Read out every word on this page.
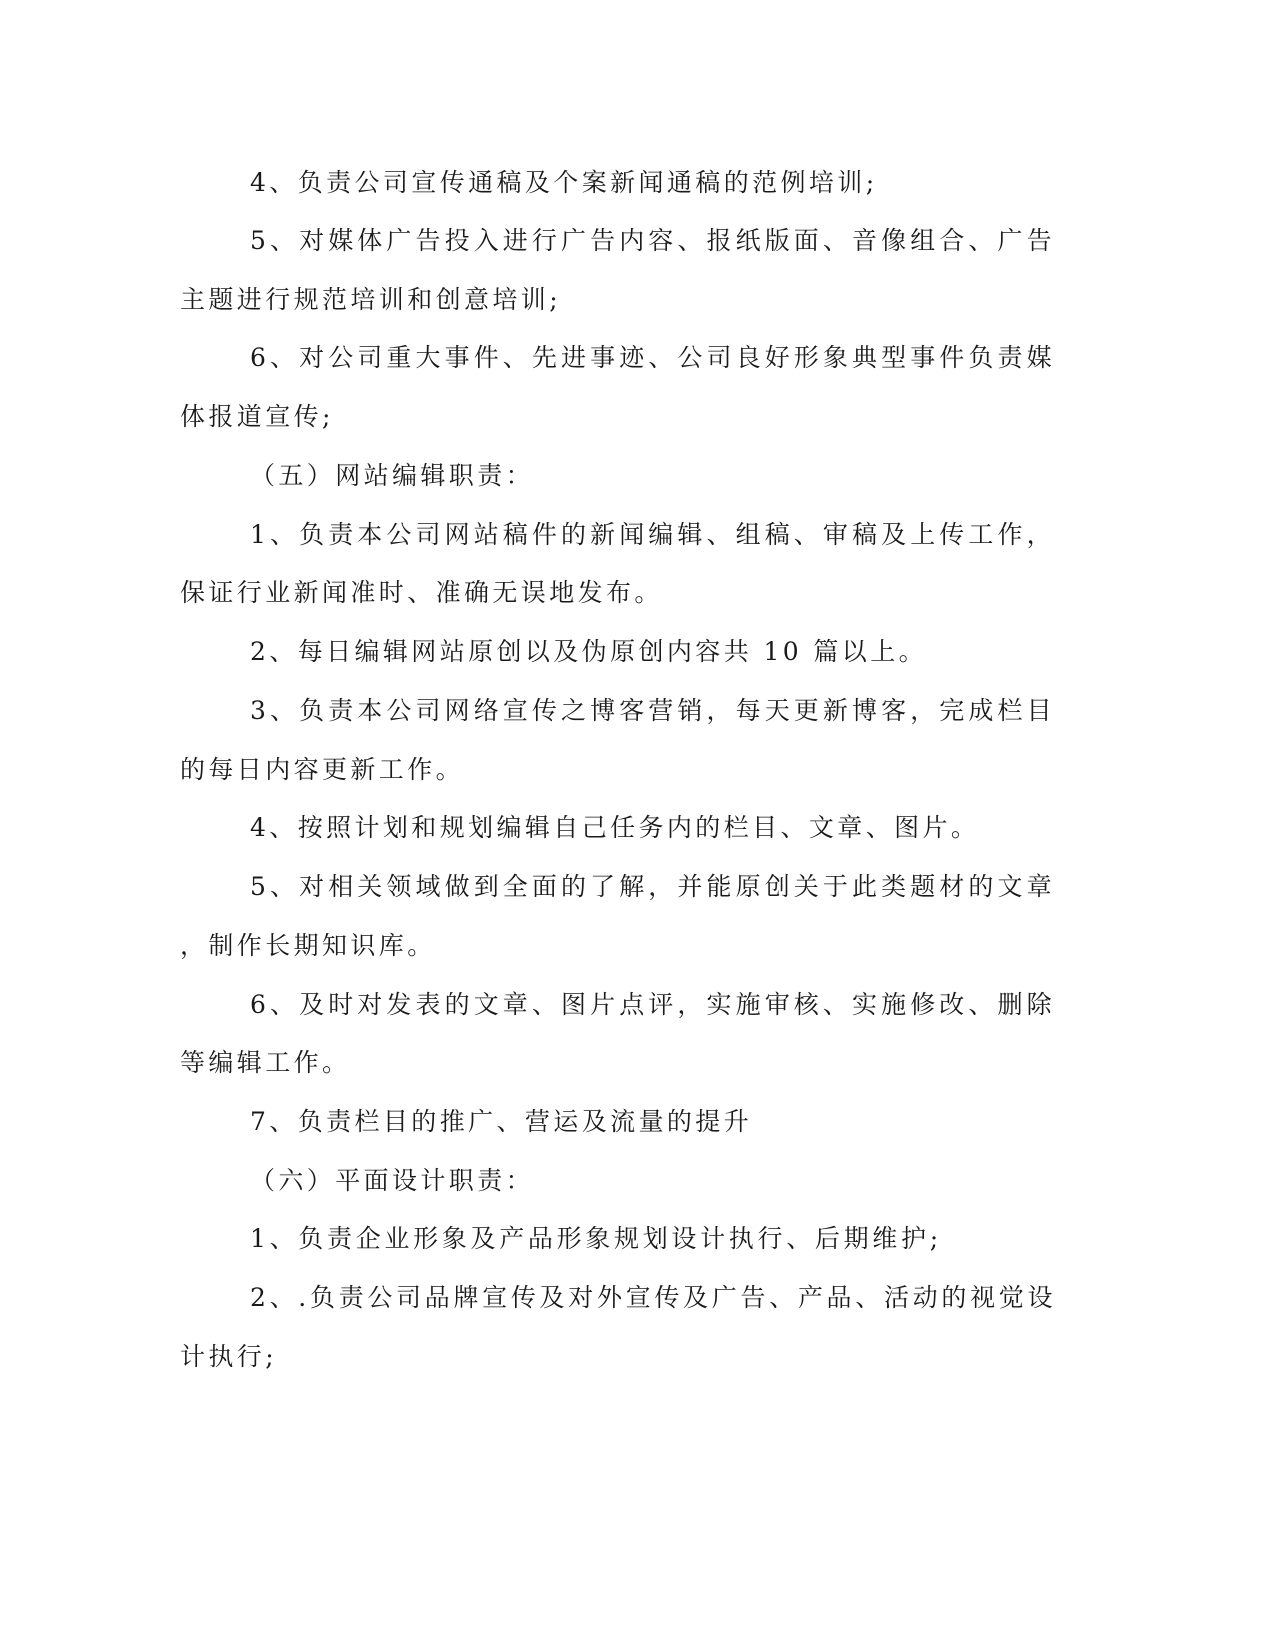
4、负责公司宣传通稿及个案新闻通稿的范例培训;
5、对媒体广告投入进行广告内容、报纸版面、音像组合、广告
主题进行规范培训和创意培训;
6、对公司重大事件、先进事迹、公司良好形象典型事件负责媒
体报道宣传;
（五）网站编辑职责：
1、负责本公司网站稿件的新闻编辑、组稿、审稿及上传工作，
保证行业新闻准时、准确无误地发布。
2、每日编辑网站原创以及伪原创内容共 10 篇以上。
3、负责本公司网络宣传之博客营销，每天更新博客，完成栏目
的每日内容更新工作。
4、按照计划和规划编辑自己任务内的栏目、文章、图片。
5、对相关领域做到全面的了解，并能原创关于此类题材的文章
，制作长期知识库。
6、及时对发表的文章、图片点评，实施审核、实施修改、删除
等编辑工作。
7、负责栏目的推广、营运及流量的提升
（六）平面设计职责：
1、负责企业形象及产品形象规划设计执行、后期维护;
2、.负责公司品牌宣传及对外宣传及广告、产品、活动的视觉设
计执行;
